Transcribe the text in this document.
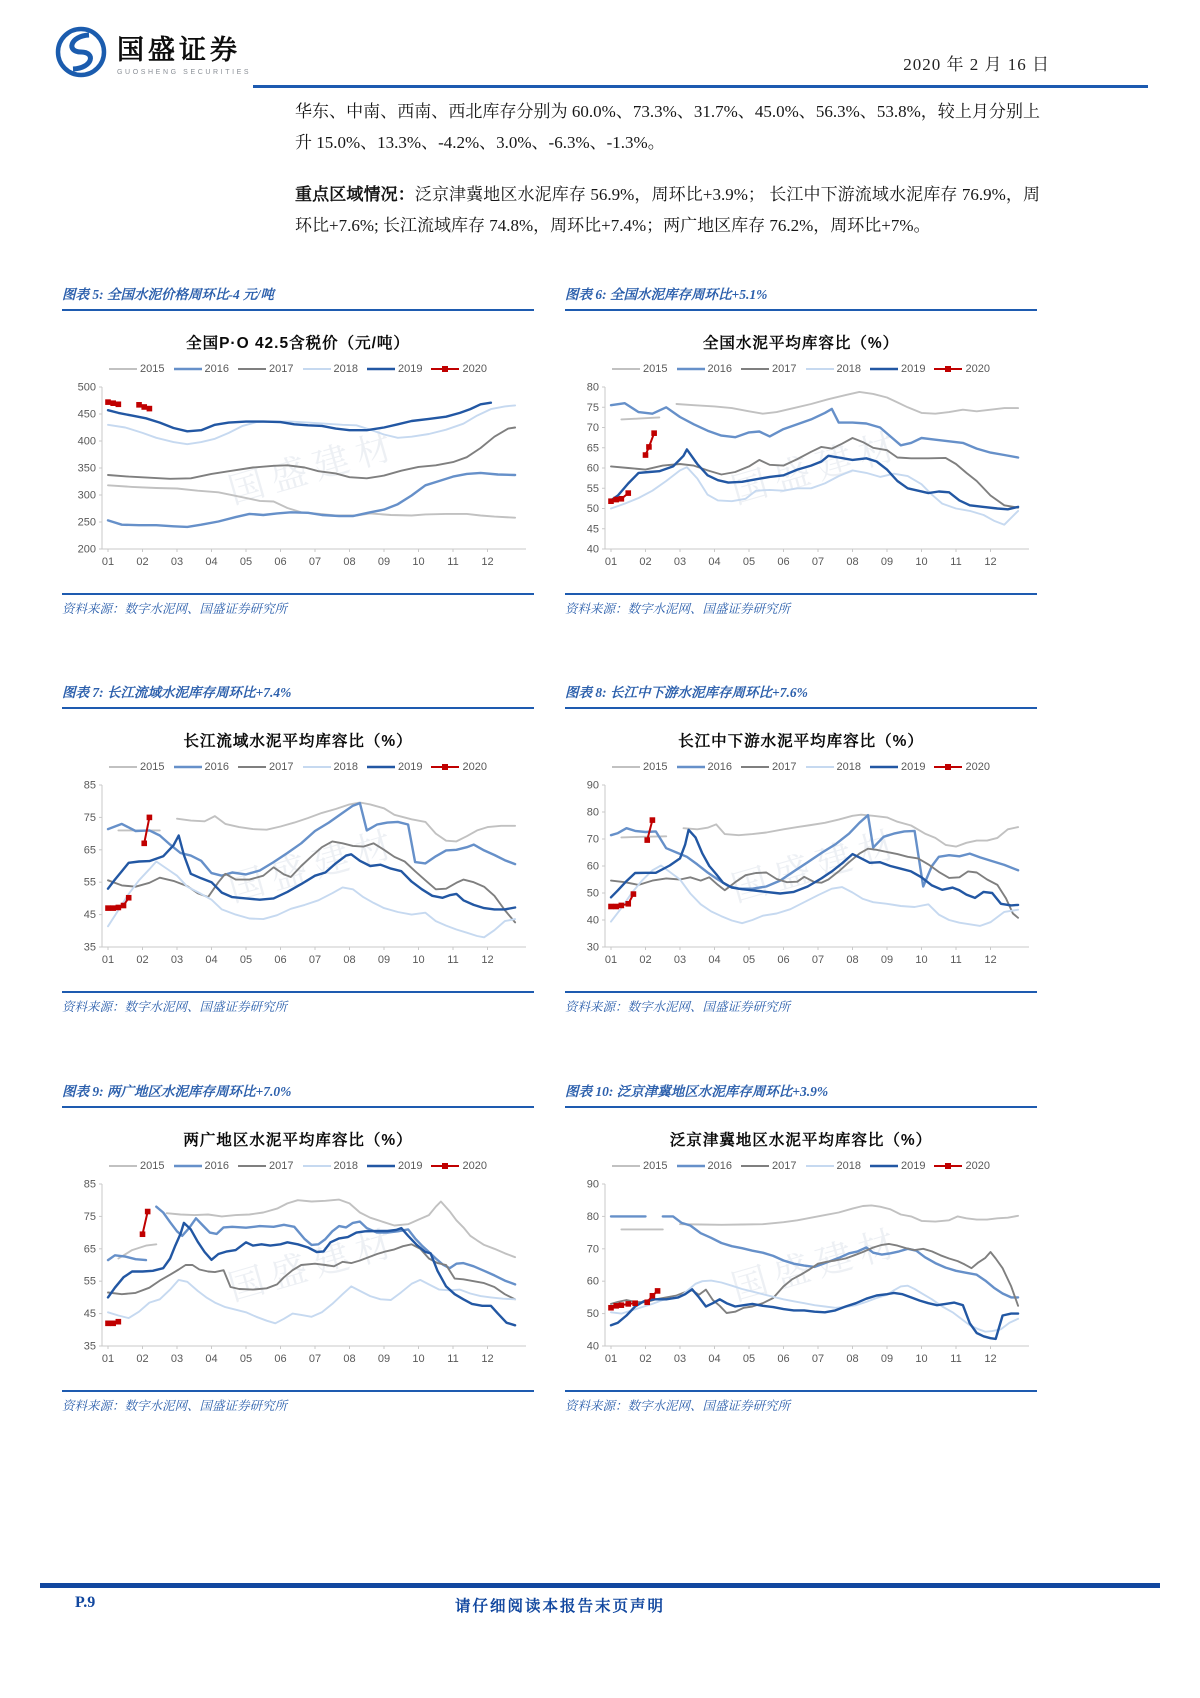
国盛证券
GUOSHENG SECURITIES	2020 年 2 月 16 日

华东、中南、西南、西北库存分别为 60.0%、73.3%、31.7%、45.0%、56.3%、53.8%，较上月分别上升 15.0%、13.3%、-4.2%、3.0%、-6.3%、-1.3%。

重点区域情况：泛京津冀地区水泥库存 56.9%，周环比+3.9%； 长江中下游流域水泥库存 76.9%，周环比+7.6%; 长江流域库存 74.8%，周环比+7.4%；两广地区库存 76.2%，周环比+7%。

图表 5: 全国水泥价格周环比-4 元/吨
全国P·O 42.5含税价（元/吨）
2015	2016	2017	2018	2019	2020
国盛建材
200
250
300
350
400
450
500
01 02 03 04 05 06 07 08 09 10 11 12
资料来源：数字水泥网、国盛证券研究所
图表 6: 全国水泥库存周环比+5.1%
全国水泥平均库容比（%）
2015	2016	2017	2018	2019	2020
国盛建材
40
45
50
55
60
65
70
75
80
01 02 03 04 05 06 07 08 09 10 11 12
资料来源：数字水泥网、国盛证券研究所
图表 7: 长江流域水泥库存周环比+7.4%
长江流域水泥平均库容比（%）
2015	2016	2017	2018	2019	2020
国盛建材
35
45
55
65
75
85
01 02 03 04 05 06 07 08 09 10 11 12
资料来源：数字水泥网、国盛证券研究所
图表 8: 长江中下游水泥库存周环比+7.6%
长江中下游水泥平均库容比（%）
2015	2016	2017	2018	2019	2020
国盛建材
30
40
50
60
70
80
90
01 02 03 04 05 06 07 08 09 10 11 12
资料来源：数字水泥网、国盛证券研究所
图表 9: 两广地区水泥库存周环比+7.0%
两广地区水泥平均库容比（%）
2015	2016	2017	2018	2019	2020
国盛建材
35
45
55
65
75
85
01 02 03 04 05 06 07 08 09 10 11 12
资料来源：数字水泥网、国盛证券研究所
图表 10: 泛京津冀地区水泥库存周环比+3.9%
泛京津冀地区水泥平均库容比（%）
2015	2016	2017	2018	2019	2020
国盛建材
40
50
60
70
80
90
01 02 03 04 05 06 07 08 09 10 11 12
资料来源：数字水泥网、国盛证券研究所
P.9	请仔细阅读本报告末页声明
